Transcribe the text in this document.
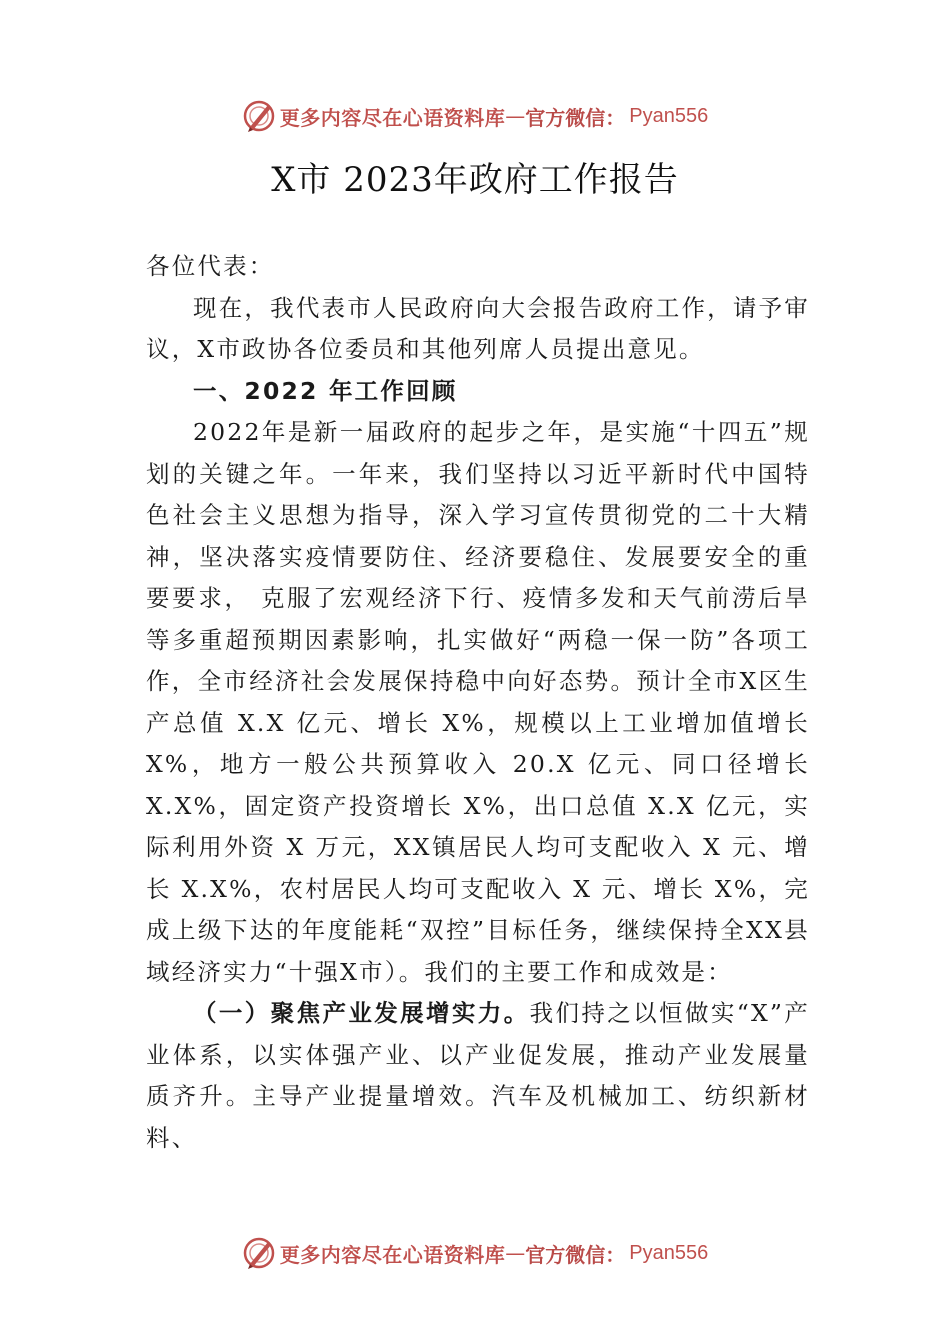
更多内容尽在心语资料库 — 官方微信： Pyan556
X市 2023年政府工作报告

各位代表：

现在，我代表市人民政府向大会报告政府工作，请予审议，X市政协各位委员和其他列席人员提出意见。

一、2022 年工作回顾

2022年是新一届政府的起步之年，是实施“十四五”规划的关键之年。一年来，我们坚持以习近平新时代中国特色社会主义思想为指导，深入学习宣传贯彻党的二十大精神，坚决落实疫情要防住、经济要稳住、发展要安全的重要要求， 克服了宏观经济下行、疫情多发和天气前涝后旱等多重超预期因素影响，扎实做好“两稳一保一防”各项工作，全市经济社会发展保持稳中向好态势。预计全市X区生产总值 X.X 亿元、增长 X%，规模以上工业增加值增长 X%，地方一般公共预算收入 20.X 亿元、同口径增长 X.X%，固定资产投资增长 X%，出口总值 X.X 亿元，实际利用外资 X 万元，XX镇居民人均可支配收入 X 元、增长 X.X%，农村居民人均可支配收入 X 元、增长 X%，完成上级下达的年度能耗“双控”目标任务，继续保持全XX县域经济实力“十强X市）。我们的主要工作和成效是：

（一）聚焦产业发展增实力。我们持之以恒做实“X”产业体系，以实体强产业、以产业促发展，推动产业发展量质齐升。主导产业提量增效。汽车及机械加工、纺织新材料、

更多内容尽在心语资料库 — 官方微信： Pyan556
